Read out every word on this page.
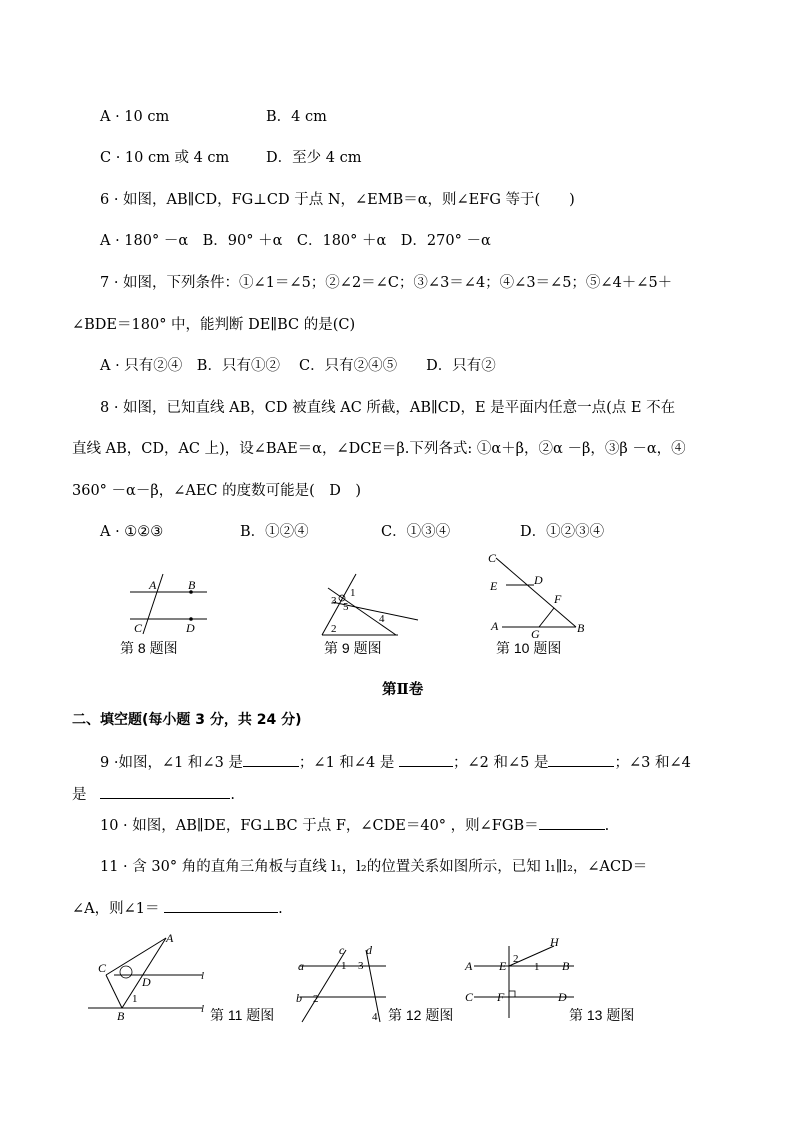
A · 10 cm	B．4 cm
C · 10 cm 或 4 cm	D．至少 4 cm
6 · 如图，AB∥CD，FG⊥CD 于点 N，∠EMB＝α，则∠EFG 等于(　　)
A · 180° －α　B．90° ＋α　C．180° ＋α　D．270° －α
7 · 如图，下列条件：①∠1＝∠5；②∠2＝∠C；③∠3＝∠4；④∠3＝∠5；⑤∠4＋∠5＋
∠BDE＝180° 中，能判断 DE∥BC 的是(C)
A · 只有②④　B．只有①②　 C．只有②④⑤　　D．只有②
8 · 如图，已知直线 AB，CD 被直线 AC 所截，AB∥CD，E 是平面内任意一点(点 E 不在
直线 AB，CD，AC 上)，设∠BAE＝α，∠DCE＝β.下列各式: ①α＋β，②α －β，③β －α，④
360° －α－β，∠AEC 的度数可能是(　D　)
A · ①②③	B．①②④	C．①③④	D．①②③④
A	B
C	D
第 8 题图
3
1
5
4
2
第 9 题图
C
E	D
F
A
G	B
第 10 题图
第Ⅱ卷
二、填空题(每小题 3 分，共 24 分)
9 ·如图，∠1 和∠3 是	；∠1 和∠4 是	；∠2 和∠5 是	；∠3 和∠4
是	.
10 · 如图，AB∥DE，FG⊥BC 于点 F，∠CDE＝40° ，则∠FGB＝	.
11 · 含 30° 角的直角三角板与直线 l₁，l₂的位置关系如图所示，已知 l₁∥l₂，∠ACD＝
∠A，则∠1＝	.
A
C
D
1
B
l
l 第 11 题图
a
c d
1 3
b 2
4 第 12 题图
A E 2
1
H
B
C F	D
第 13 题图
